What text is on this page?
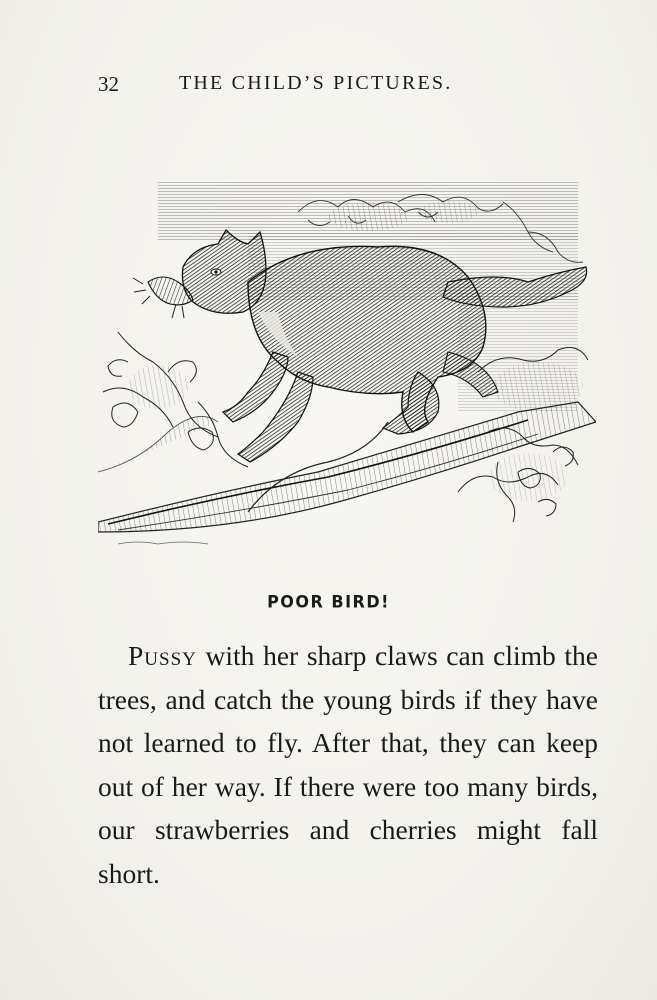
32	THE CHILD’S PICTURES.
POOR BIRD!

Pussy with her sharp claws can climb the trees, and catch the young birds if they have not learned to fly. After that, they can keep out of her way. If there were too many birds, our strawberries and cherries might fall short.
